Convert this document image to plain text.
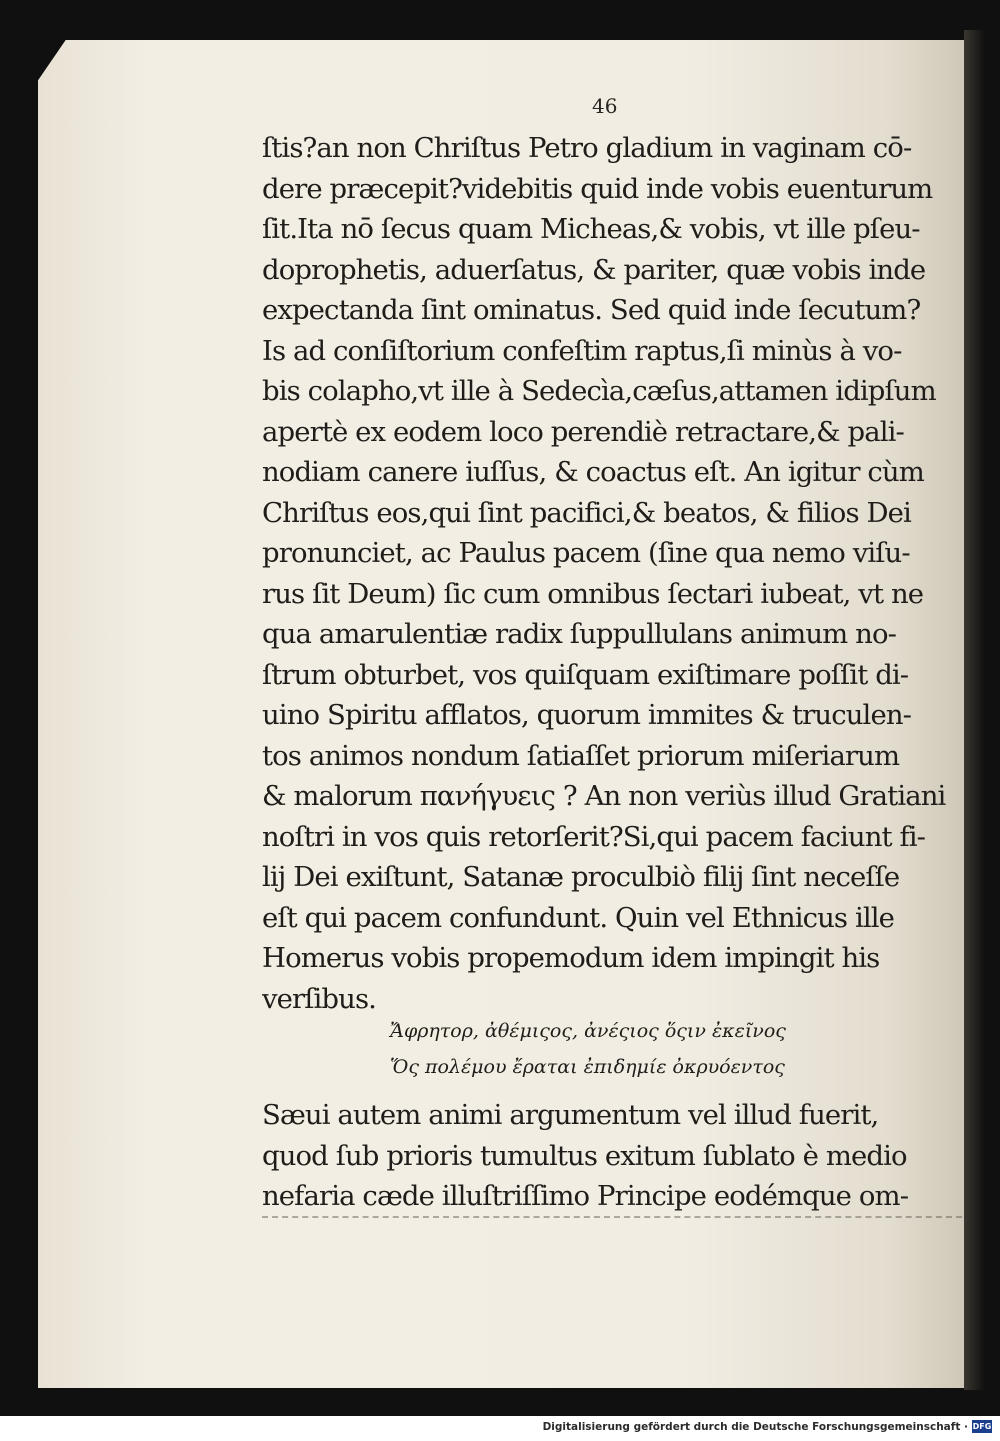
46
ſtis?an non Chriſtus Petro gladium in vaginam cō-
dere præcepit?videbitis quid inde vobis euenturum
ſit.Ita nō ſecus quam Micheas,& vobis, vt ille pſeu-
doprophetis, aduerſatus, & pariter, quæ vobis inde
expectanda ſint ominatus. Sed quid inde ſecutum?
Is ad conſiſtorium confeſtim raptus,ſi minùs à vo-
bis colapho,vt ille à Sedecìa,cæſus,attamen idipſum
apertè ex eodem loco perendiè retractare,& pali-
nodiam canere iuſſus, & coactus eſt. An igitur cùm
Chriſtus eos,qui ſint pacifici,& beatos, & filios Dei
pronunciet, ac Paulus pacem (ſine qua nemo viſu-
rus ſit Deum) ſic cum omnibus ſectari iubeat, vt ne
qua amarulentiæ radix ſuppullulans animum no-
ſtrum obturbet, vos quiſquam exiſtimare poſſit di-
uino Spiritu afflatos, quorum immites & truculen-
tos animos nondum ſatiaſſet priorum miſeriarum
& malorum πανήγυεις ? An non veriùs illud Gratiani
noſtri in vos quis retorſerit?Si,qui pacem faciunt fi-
lij Dei exiſtunt, Satanæ proculbiò filij ſint neceſſe
eſt qui pacem confundunt. Quin vel Ethnicus ille
Homerus vobis propemodum idem impingit his
verſibus.
Ἄφρητορ, ἀθέμιςος, ἀνέςιος ὅςιν ἐκεῖνος
Ὅς πολέμου ἔραται ἐπιδημίε ὀκρυόεντος
Sæui autem animi argumentum vel illud fuerit,
quod ſub prioris tumultus exitum ſublato è medio
nefaria cæde illuſtriſſimo Principe eodémque om-
Digitalisierung gefördert durch die Deutsche Forschungsgemeinschaft · DFG
